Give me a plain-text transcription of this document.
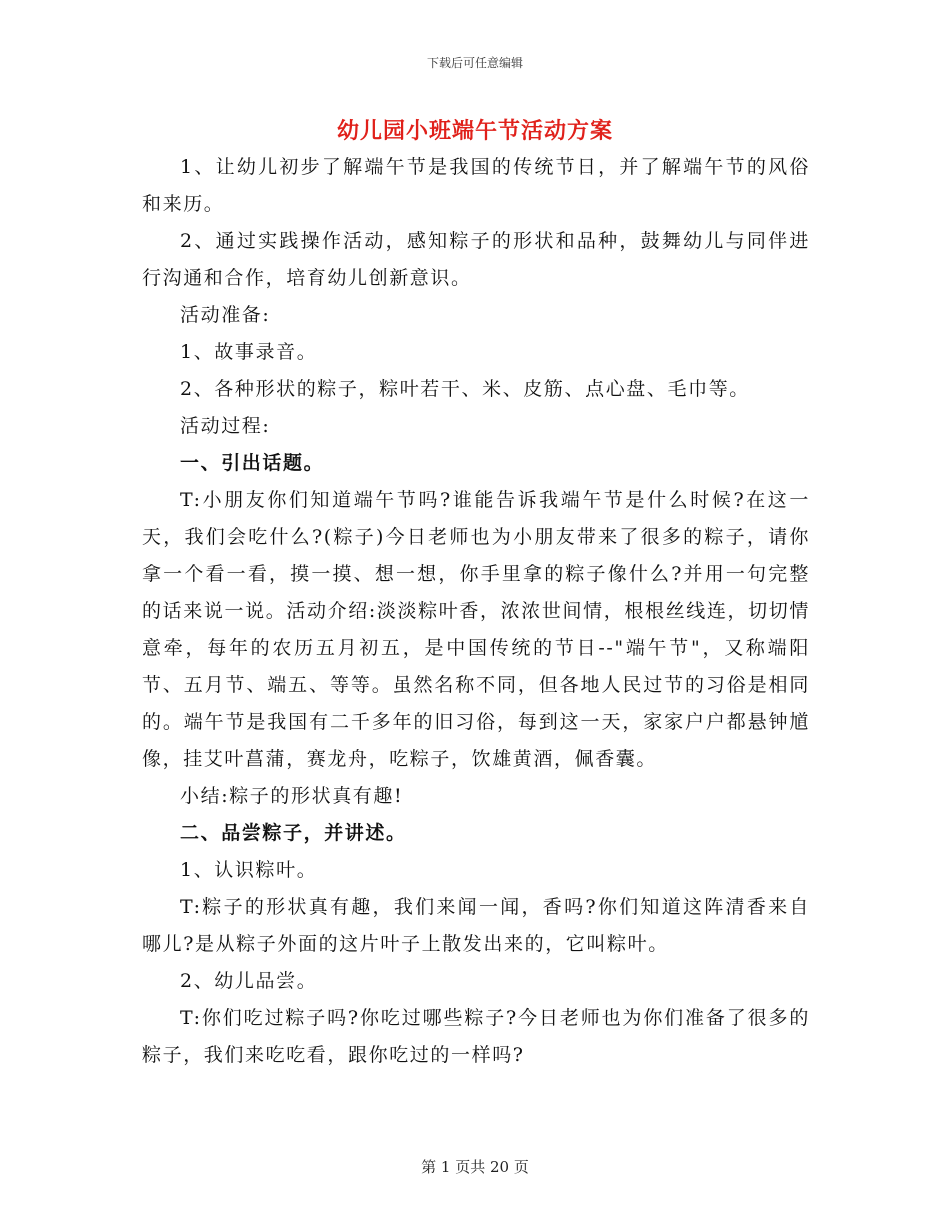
下载后可任意编辑
幼儿园小班端午节活动方案

1、让幼儿初步了解端午节是我国的传统节日，并了解端午节的风俗和来历。

2、通过实践操作活动，感知粽子的形状和品种，鼓舞幼儿与同伴进行沟通和合作，培育幼儿创新意识。

活动准备:

1、故事录音。

2、各种形状的粽子，粽叶若干、米、皮筋、点心盘、毛巾等。

活动过程:

一、引出话题。

T:小朋友你们知道端午节吗?谁能告诉我端午节是什么时候?在这一天，我们会吃什么?(粽子)今日老师也为小朋友带来了很多的粽子，请你拿一个看一看，摸一摸、想一想，你手里拿的粽子像什么?并用一句完整的话来说一说。活动介绍:淡淡粽叶香，浓浓世间情，根根丝线连，切切情意牵，每年的农历五月初五，是中国传统的节日--"端午节"，又称端阳节、五月节、端五、等等。虽然名称不同，但各地人民过节的习俗是相同的。端午节是我国有二千多年的旧习俗，每到这一天，家家户户都悬钟馗像，挂艾叶菖蒲，赛龙舟，吃粽子，饮雄黄酒，佩香囊。

小结:粽子的形状真有趣!

二、品尝粽子，并讲述。

1、认识粽叶。

T:粽子的形状真有趣，我们来闻一闻，香吗?你们知道这阵清香来自哪儿?是从粽子外面的这片叶子上散发出来的，它叫粽叶。

2、幼儿品尝。

T:你们吃过粽子吗?你吃过哪些粽子?今日老师也为你们准备了很多的粽子，我们来吃吃看，跟你吃过的一样吗?

第 1 页共 20 页
